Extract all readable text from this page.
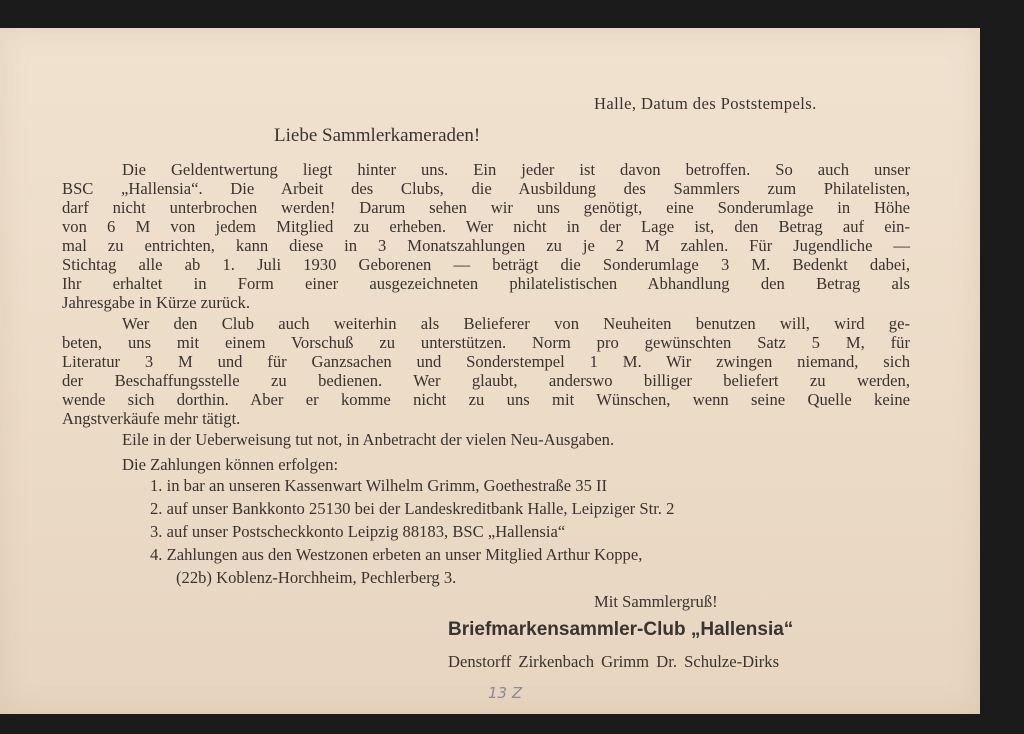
Halle, Datum des Poststempels.
Liebe Sammlerkameraden!
Die Geldentwertung liegt hinter uns. Ein jeder ist davon betroffen. So auch unser
BSC „Hallensia“. Die Arbeit des Clubs, die Ausbildung des Sammlers zum Philatelisten,
darf nicht unterbrochen werden! Darum sehen wir uns genötigt, eine Sonderumlage in Höhe
von 6 M von jedem Mitglied zu erheben. Wer nicht in der Lage ist, den Betrag auf ein-
mal zu entrichten, kann diese in 3 Monatszahlungen zu je 2 M zahlen. Für Jugendliche —
Stichtag alle ab 1. Juli 1930 Geborenen — beträgt die Sonderumlage 3 M. Bedenkt dabei,
Ihr erhaltet in Form einer ausgezeichneten philatelistischen Abhandlung den Betrag als
Jahresgabe in Kürze zurück.
Wer den Club auch weiterhin als Belieferer von Neuheiten benutzen will, wird ge-
beten, uns mit einem Vorschuß zu unterstützen. Norm pro gewünschten Satz 5 M, für
Literatur 3 M und für Ganzsachen und Sonderstempel 1 M. Wir zwingen niemand, sich
der Beschaffungsstelle zu bedienen. Wer glaubt, anderswo billiger beliefert zu werden,
wende sich dorthin. Aber er komme nicht zu uns mit Wünschen, wenn seine Quelle keine
Angstverkäufe mehr tätigt.
Eile in der Ueberweisung tut not, in Anbetracht der vielen Neu-Ausgaben.
Die Zahlungen können erfolgen:
1. in bar an unseren Kassenwart Wilhelm Grimm, Goethestraße 35 II
2. auf unser Bankkonto 25130 bei der Landeskreditbank Halle, Leipziger Str. 2
3. auf unser Postscheckkonto Leipzig 88183, BSC „Hallensia“
4. Zahlungen aus den Westzonen erbeten an unser Mitglied Arthur Koppe,
(22b) Koblenz-Horchheim, Pechlerberg 3.
Mit Sammlergruß!
Briefmarkensammler-Club „Hallensia“
Denstorff Zirkenbach Grimm Dr. Schulze-Dirks
13 Z
